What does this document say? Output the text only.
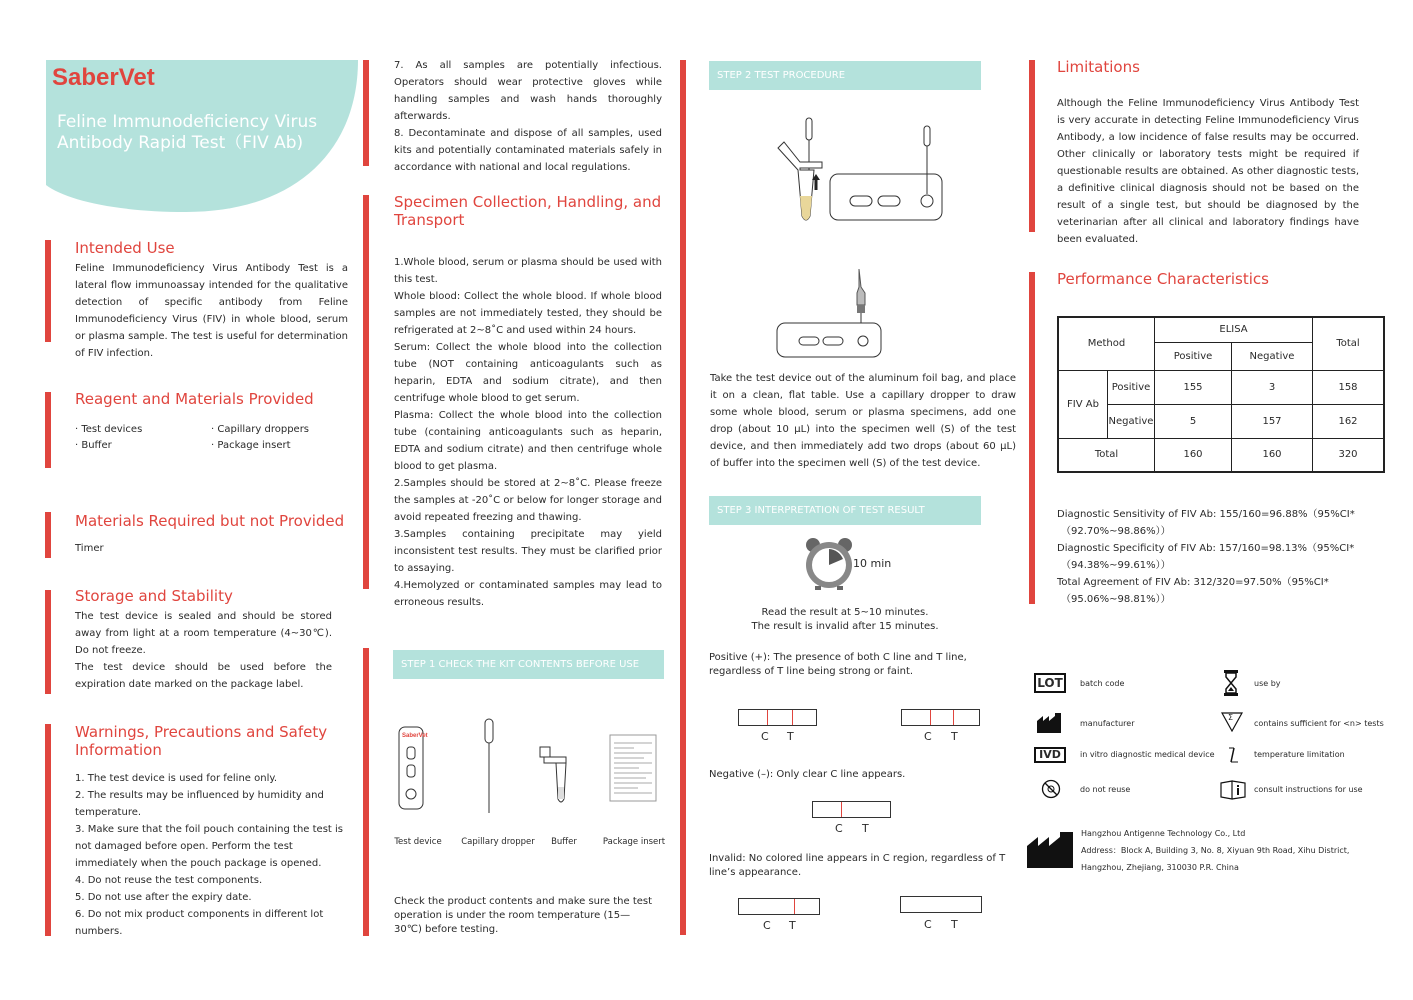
SaberVet
Feline Immunodeficiency Virus Antibody Rapid Test（FIV Ab)
Intended Use
Feline Immunodeficiency Virus Antibody Test is a lateral flow immunoassay intended for the qualitative detection of specific antibody from Feline Immunodeficiency Virus (FIV) in whole blood, serum or plasma sample. The test is useful for determination of FIV infection.
Reagent and Materials Provided
· Test devices	· Capillary droppers
· Buffer	· Package insert
Materials Required but not Provided
Timer
Storage and Stability

The test device is sealed and should be stored away from light at a room temperature (4~30℃). Do not freeze.

The test device should be used before the expiration date marked on the package label.

Warnings, Precautions and Safety Information

1. The test device is used for feline only.

2. The results may be influenced by humidity and temperature.

3. Make sure that the foil pouch containing the test is not damaged before open. Perform the test immediately when the pouch package is opened.

4. Do not reuse the test components.

5. Do not use after the expiry date.

6. Do not mix product components in different lot numbers.

7. As all samples are potentially infectious. Operators should wear protective gloves while handling samples and wash hands thoroughly afterwards.

8. Decontaminate and dispose of all samples, used kits and potentially contaminated materials safely in accordance with national and local regulations.

Specimen Collection, Handling, and Transport

1.Whole blood, serum or plasma should be used with this test.

Whole blood: Collect the whole blood. If whole blood samples are not immediately tested, they should be refrigerated at 2~8˚C and used within 24 hours.

Serum: Collect the whole blood into the collection tube (NOT containing anticoagulants such as heparin, EDTA and sodium citrate), and then centrifuge whole blood to get serum.

Plasma: Collect the whole blood into the collection tube (containing anticoagulants such as heparin, EDTA and sodium citrate) and then centrifuge whole blood to get plasma.

2.Samples should be stored at 2~8˚C. Please freeze the samples at -20˚C or below for longer storage and avoid repeated freezing and thawing.

3.Samples containing precipitate may yield inconsistent test results. They must be clarified prior to assaying.

4.Hemolyzed or contaminated samples may lead to erroneous results.

STEP 1 CHECK THE KIT CONTENTS BEFORE USE
SaberVet
Test device	Capillary dropper	Buffer	Package insert
Check the product contents and make sure the test operation is under the room temperature (15—30℃) before testing.
STEP 2 TEST PROCEDURE
Take the test device out of the aluminum foil bag, and place it on a clean, flat table. Use a capillary dropper to draw some whole blood, serum or plasma specimens, add one drop (about 10 μL) into the specimen well (S) of the test device, and then immediately add two drops (about 60 μL) of buffer into the specimen well (S) of the test device.
STEP 3 INTERPRETATION OF TEST RESULT
10 min
Read the result at 5~10 minutes.
The result is invalid after 15 minutes.
Positive (+): The presence of both C line and T line, regardless of T line being strong or faint.
C T	C T
Negative (–): Only clear C line appears.
C T
Invalid: No colored line appears in C region, regardless of T line’s appearance.
C T	C T
Limitations
Although the Feline Immunodeficiency Virus Antibody Test is very accurate in detecting Feline Immunodeficiency Virus Antibody, a low incidence of false results may be occurred. Other clinically or laboratory tests might be required if questionable results are obtained. As other diagnostic tests, a definitive clinical diagnosis should not be based on the result of a single test, but should be diagnosed by the veterinarian after all clinical and laboratory findings have been evaluated.
Performance Characteristics
Method		ELISA		Total
		Positive	Negative	
FIV Ab	Positive	155	3	158
	Negative	5	157	162
Total		160	160	320

Diagnostic Sensitivity of FIV Ab: 155/160=96.88%（95%CI*

（92.70%~98.86%））

Diagnostic Specificity of FIV Ab: 157/160=98.13%（95%CI*

（94.38%~99.61%））

Total Agreement of FIV Ab: 312/320=97.50%（95%CI*

（95.06%~98.81%））

LOT	batch code	use by
manufacturer
Σ
contains sufficient for <n> tests
IVD	in vitro diagnostic medical device	temperature limitation
do not reuse	consult instructions for use
Hangzhou Antigenne Technology Co., Ltd
Address：Block A, Building 3, No. 8, Xiyuan 9th Road, Xihu District,
Hangzhou, Zhejiang, 310030 P.R. China
